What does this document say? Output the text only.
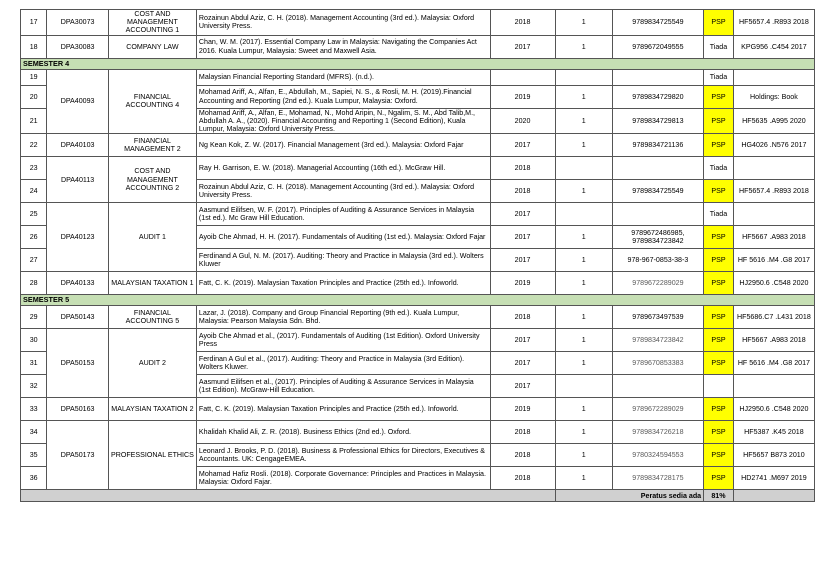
17	DPA30073	COST AND MANAGEMENT ACCOUNTING 1	Rozainun Abdul Aziz, C. H. (2018). Management Accounting (3rd ed.). Malaysia: Oxford University Press.	2018	1	9789834725549	PSP	HF5657.4 .R893 2018
18	DPA30083	COMPANY LAW	Chan, W. M. (2017). Essential Company Law in Malaysia: Navigating the Companies Act 2016. Kuala Lumpur, Malaysia: Sweet and Maxwell Asia.	2017	1	9789672049555	Tiada	KPG956 .C454 2017
SEMESTER 4								
19	DPA40093	FINANCIAL ACCOUNTING 4	Malaysian Financial Reporting Standard (MFRS). (n.d.).				Tiada	
20			Mohamad Ariff, A., Alfan, E., Abdullah, M., Sapiei, N. S., & Rosli, M. H. (2019).Financial Accounting and Reporting (2nd ed.). Kuala Lumpur, Malaysia: Oxford.	2019	1	9789834729820	PSP	Holdings: Book
21			Mohamad Ariff, A., Alfan, E., Mohamad, N., Mohd Aripin, N., Ngalim, S. M., Abd Talib,M., Abdullah A. A., (2020). Financial Accounting and Reporting 1 (Second Edition), Kuala Lumpur, Malaysia: Oxford University Press.	2020	1	9789834729813	PSP	HF5635 .A995 2020
22	DPA40103	FINANCIAL MANAGEMENT 2	Ng Kean Kok, Z. W. (2017). Financial Management (3rd ed.). Malaysia: Oxford Fajar	2017	1	9789834721136	PSP	HG4026 .N576 2017
23	DPA40113	COST AND MANAGEMENT ACCOUNTING 2	Ray H. Garrison, E. W. (2018). Managerial Accounting (16th ed.). McGraw Hill.	2018			Tiada	
24			Rozainun Abdul Aziz, C. H. (2018). Management Accounting (3rd ed.). Malaysia: Oxford University Press.	2018	1	9789834725549	PSP	HF5657.4 .R893 2018
25	DPA40123	AUDIT 1	Aasmund Eilifsen, W. F. (2017). Principles of Auditing & Assurance Services in Malaysia (1st ed.). Mc Graw Hill Education.	2017			Tiada	
26			Ayoib Che Ahmad, H. H. (2017). Fundamentals of Auditing (1st ed.). Malaysia: Oxford Fajar	2017	1	9789672486985, 9789834723842	PSP	HF5667 .A983 2018
27			Ferdinand A Gul, N. M. (2017). Auditing: Theory and Practice in Malaysia (3rd ed.). Wolters Kluwer	2017	1	978-967-0853-38-3	PSP	HF 5616 .M4 .G8 2017
28	DPA40133	MALAYSIAN TAXATION 1	Fatt, C. K. (2019). Malaysian Taxation Principles and Practice (25th ed.). Infoworld.	2019	1	9789672289029	PSP	HJ2950.6 .C548 2020
SEMESTER 5								
29	DPA50143	FINANCIAL ACCOUNTING 5	Lazar, J. (2018). Company and Group Financial Reporting (9th ed.). Kuala Lumpur, Malaysia: Pearson Malaysia Sdn. Bhd.	2018	1	9789673497539	PSP	HF5686.C7 .L431 2018
30	DPA50153	AUDIT 2	Ayoib Che Ahmad et al., (2017). Fundamentals of Auditing (1st Edition). Oxford University Press	2017	1	9789834723842	PSP	HF5667 .A983 2018
31			Ferdinan A Gul et al., (2017). Auditing: Theory and Practice in Malaysia (3rd Edition). Wolters Kluwer.	2017	1	9789670853383	PSP	HF 5616 .M4 .G8 2017
32			Aasmund Eilifsen et al., (2017). Principles of Auditing & Assurance Services in Malaysia (1st Edition). McGraw-Hill Education.	2017				
33	DPA50163	MALAYSIAN TAXATION 2	Fatt, C. K. (2019). Malaysian Taxation Principles and Practice (25th ed.). Infoworld.	2019	1	9789672289029	PSP	HJ2950.6 .C548 2020
34	DPA50173	PROFESSIONAL ETHICS	Khalidah Khalid Ali, Z. R. (2018). Business Ethics (2nd ed.). Oxford.	2018	1	9789834726218	PSP	HF5387 .K45 2018
35			Leonard J. Brooks, P. D. (2018). Business & Professional Ethics for Directors, Executives & Accountants. UK: CengageEMEA.	2018	1	9780324594553	PSP	HF5657 B873 2010
36			Mohamad Hafiz Rosli. (2018). Corporate Governance: Principles and Practices in Malaysia. Malaysia: Oxford Fajar.	2018	1	9789834728175	PSP	HD2741 .M697 2019
					Peratus sedia ada		81%	
